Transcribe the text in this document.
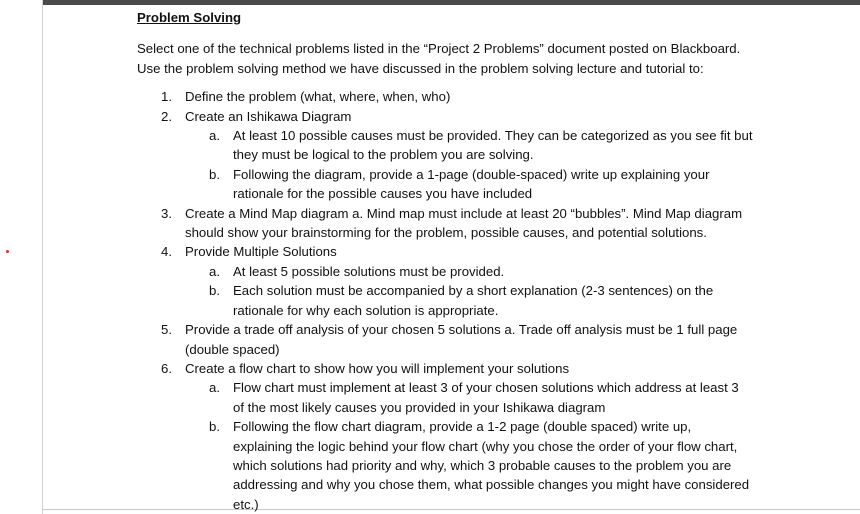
Problem Solving
Select one of the technical problems listed in the “Project 2 Problems” document posted on Blackboard.
Use the problem solving method we have discussed in the problem solving lecture and tutorial to:
1. Define the problem (what, where, when, who)
2. Create an Ishikawa Diagram
a. At least 10 possible causes must be provided. They can be categorized as you see fit but
they must be logical to the problem you are solving.
b. Following the diagram, provide a 1-page (double-spaced) write up explaining your
rationale for the possible causes you have included
3. Create a Mind Map diagram a. Mind map must include at least 20 “bubbles”. Mind Map diagram
should show your brainstorming for the problem, possible causes, and potential solutions.
4. Provide Multiple Solutions
a. At least 5 possible solutions must be provided.
b. Each solution must be accompanied by a short explanation (2-3 sentences) on the
rationale for why each solution is appropriate.
5. Provide a trade off analysis of your chosen 5 solutions a. Trade off analysis must be 1 full page
(double spaced)
6. Create a flow chart to show how you will implement your solutions
a. Flow chart must implement at least 3 of your chosen solutions which address at least 3
of the most likely causes you provided in your Ishikawa diagram
b. Following the flow chart diagram, provide a 1-2 page (double spaced) write up,
explaining the logic behind your flow chart (why you chose the order of your flow chart,
which solutions had priority and why, which 3 probable causes to the problem you are
addressing and why you chose them, what possible changes you might have considered
etc.)
